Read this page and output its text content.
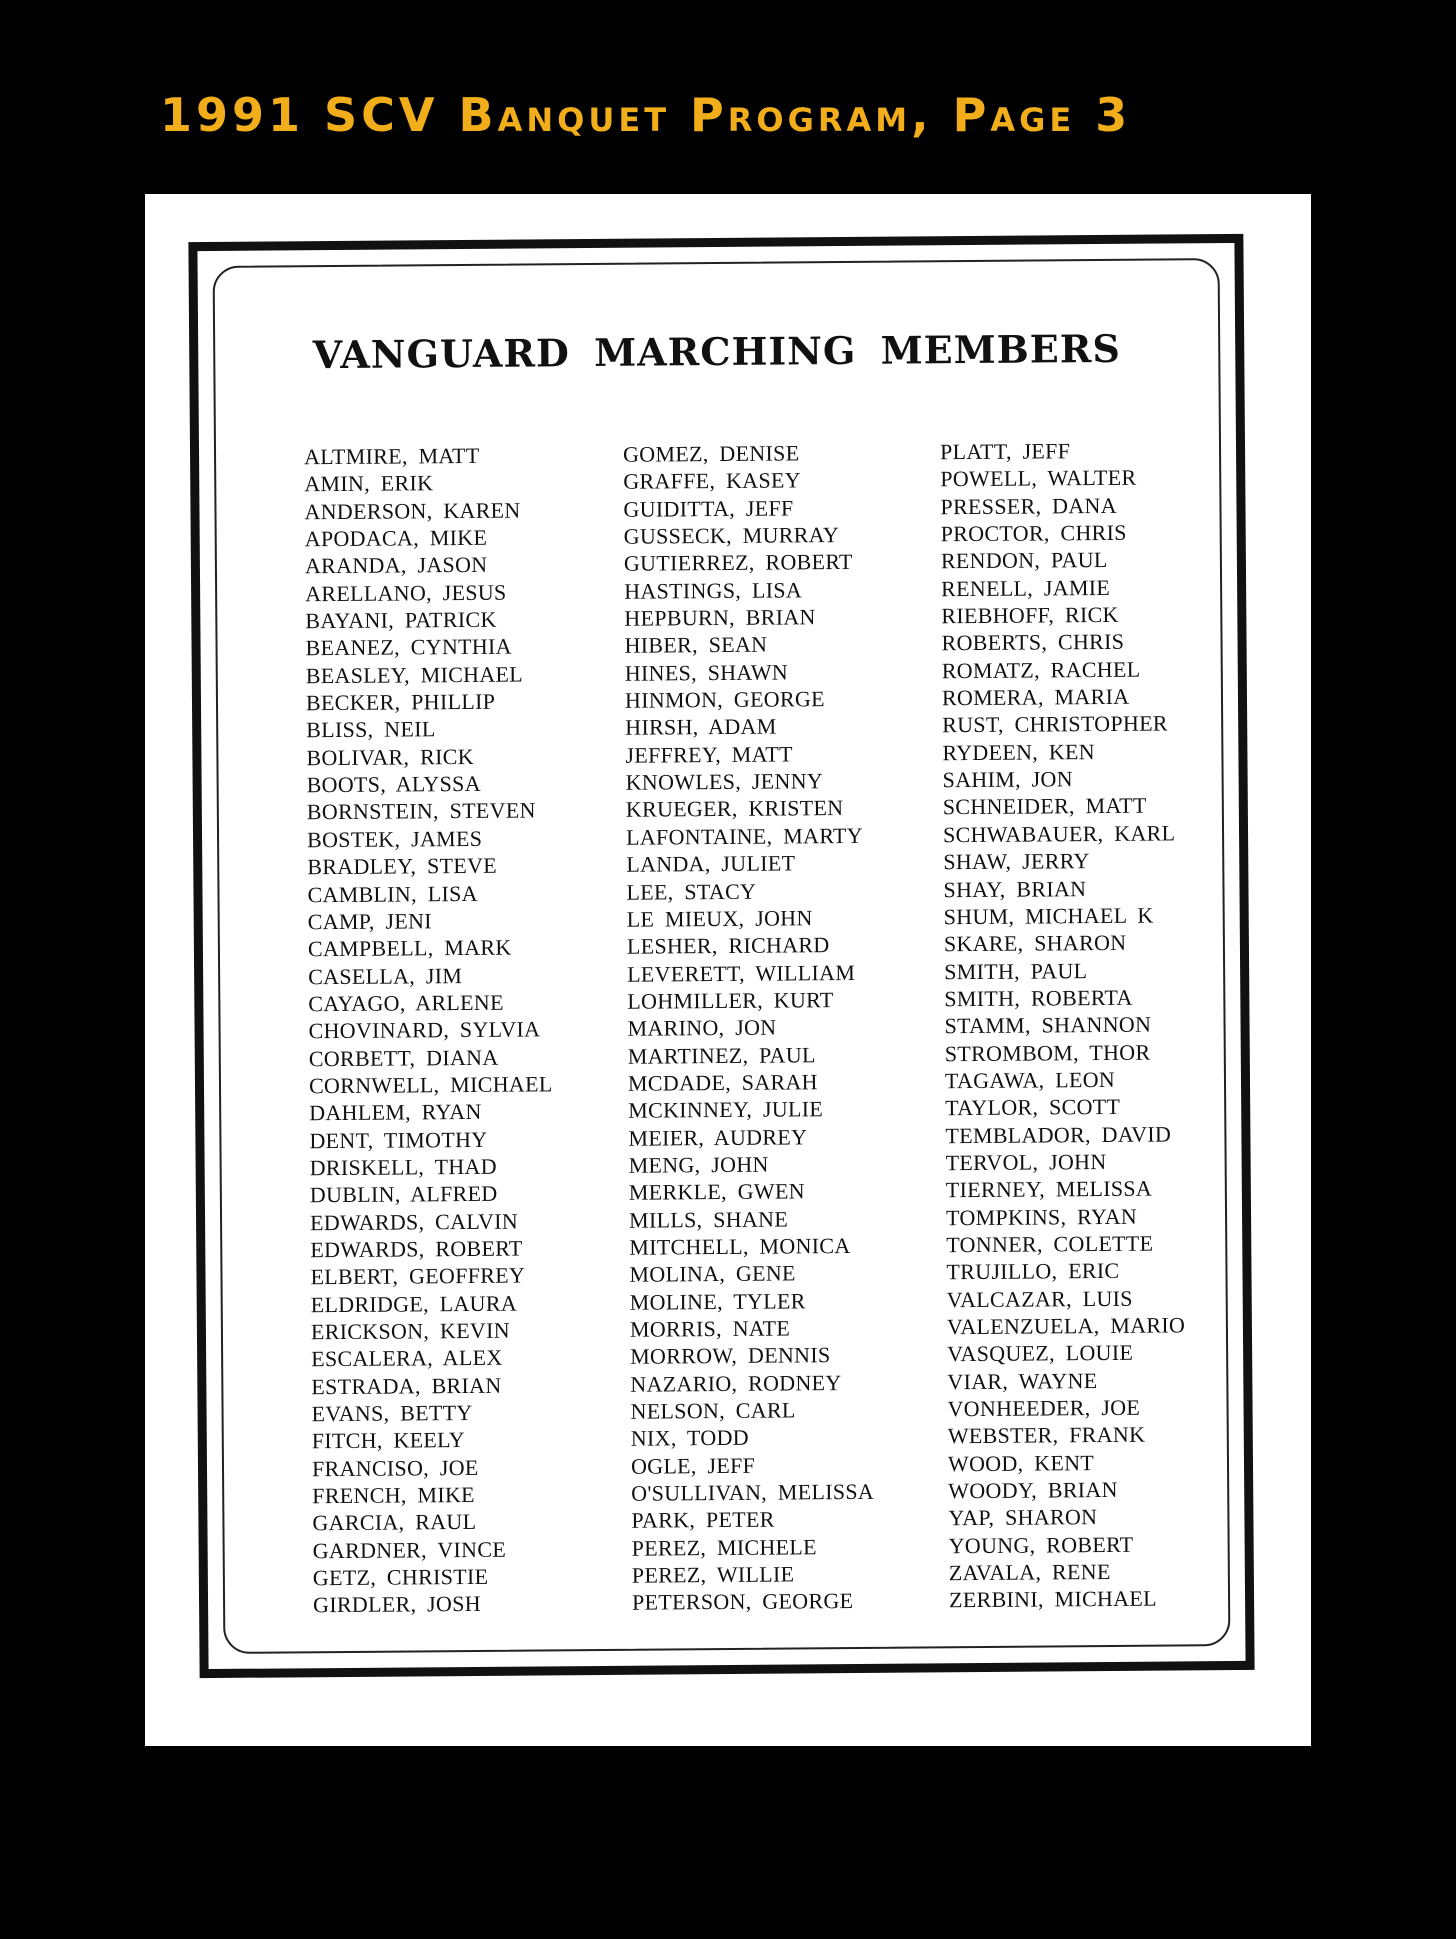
1991 SCV Banquet Program, Page 3
VANGUARD MARCHING MEMBERS
ALTMIRE, MATT
AMIN, ERIK
ANDERSON, KAREN
APODACA, MIKE
ARANDA, JASON
ARELLANO, JESUS
BAYANI, PATRICK
BEANEZ, CYNTHIA
BEASLEY, MICHAEL
BECKER, PHILLIP
BLISS, NEIL
BOLIVAR, RICK
BOOTS, ALYSSA
BORNSTEIN, STEVEN
BOSTEK, JAMES
BRADLEY, STEVE
CAMBLIN, LISA
CAMP, JENI
CAMPBELL, MARK
CASELLA, JIM
CAYAGO, ARLENE
CHOVINARD, SYLVIA
CORBETT, DIANA
CORNWELL, MICHAEL
DAHLEM, RYAN
DENT, TIMOTHY
DRISKELL, THAD
DUBLIN, ALFRED
EDWARDS, CALVIN
EDWARDS, ROBERT
ELBERT, GEOFFREY
ELDRIDGE, LAURA
ERICKSON, KEVIN
ESCALERA, ALEX
ESTRADA, BRIAN
EVANS, BETTY
FITCH, KEELY
FRANCISO, JOE
FRENCH, MIKE
GARCIA, RAUL
GARDNER, VINCE
GETZ, CHRISTIE
GIRDLER, JOSH
GOMEZ, DENISE
GRAFFE, KASEY
GUIDITTA, JEFF
GUSSECK, MURRAY
GUTIERREZ, ROBERT
HASTINGS, LISA
HEPBURN, BRIAN
HIBER, SEAN
HINES, SHAWN
HINMON, GEORGE
HIRSH, ADAM
JEFFREY, MATT
KNOWLES, JENNY
KRUEGER, KRISTEN
LAFONTAINE, MARTY
LANDA, JULIET
LEE, STACY
LE MIEUX, JOHN
LESHER, RICHARD
LEVERETT, WILLIAM
LOHMILLER, KURT
MARINO, JON
MARTINEZ, PAUL
MCDADE, SARAH
MCKINNEY, JULIE
MEIER, AUDREY
MENG, JOHN
MERKLE, GWEN
MILLS, SHANE
MITCHELL, MONICA
MOLINA, GENE
MOLINE, TYLER
MORRIS, NATE
MORROW, DENNIS
NAZARIO, RODNEY
NELSON, CARL
NIX, TODD
OGLE, JEFF
O'SULLIVAN, MELISSA
PARK, PETER
PEREZ, MICHELE
PEREZ, WILLIE
PETERSON, GEORGE
PLATT, JEFF
POWELL, WALTER
PRESSER, DANA
PROCTOR, CHRIS
RENDON, PAUL
RENELL, JAMIE
RIEBHOFF, RICK
ROBERTS, CHRIS
ROMATZ, RACHEL
ROMERA, MARIA
RUST, CHRISTOPHER
RYDEEN, KEN
SAHIM, JON
SCHNEIDER, MATT
SCHWABAUER, KARL
SHAW, JERRY
SHAY, BRIAN
SHUM, MICHAEL K
SKARE, SHARON
SMITH, PAUL
SMITH, ROBERTA
STAMM, SHANNON
STROMBOM, THOR
TAGAWA, LEON
TAYLOR, SCOTT
TEMBLADOR, DAVID
TERVOL, JOHN
TIERNEY, MELISSA
TOMPKINS, RYAN
TONNER, COLETTE
TRUJILLO, ERIC
VALCAZAR, LUIS
VALENZUELA, MARIO
VASQUEZ, LOUIE
VIAR, WAYNE
VONHEEDER, JOE
WEBSTER, FRANK
WOOD, KENT
WOODY, BRIAN
YAP, SHARON
YOUNG, ROBERT
ZAVALA, RENE
ZERBINI, MICHAEL
